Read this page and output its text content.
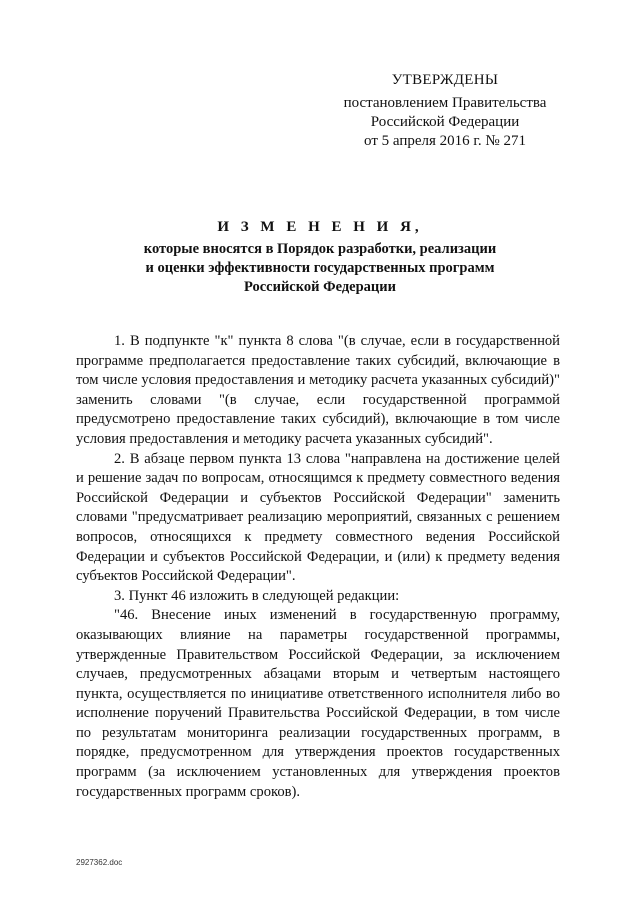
УТВЕРЖДЕНЫ
постановлением Правительства
Российской Федерации
от 5 апреля 2016 г. № 271
И З М Е Н Е Н И Я,
которые вносятся в Порядок разработки, реализации
и оценки эффективности государственных программ
Российской Федерации

1. В подпункте "к" пункта 8 слова "(в случае, если в государственной программе предполагается предоставление таких субсидий, включающие в том числе условия предоставления и методику расчета указанных субсидий)" заменить словами "(в случае, если государственной программой предусмотрено предоставление таких субсидий), включающие в том числе условия предоставления и методику расчета указанных субсидий".

2. В абзаце первом пункта 13 слова "направлена на достижение целей и решение задач по вопросам, относящимся к предмету совместного ведения Российской Федерации и субъектов Российской Федерации" заменить словами "предусматривает реализацию мероприятий, связанных с решением вопросов, относящихся к предмету совместного ведения Российской Федерации и субъектов Российской Федерации, и (или) к предмету ведения субъектов Российской Федерации".

3. Пункт 46 изложить в следующей редакции:

"46. Внесение иных изменений в государственную программу, оказывающих влияние на параметры государственной программы, утвержденные Правительством Российской Федерации, за исключением случаев, предусмотренных абзацами вторым и четвертым настоящего пункта, осуществляется по инициативе ответственного исполнителя либо во исполнение поручений Правительства Российской Федерации, в том числе по результатам мониторинга реализации государственных программ, в порядке, предусмотренном для утверждения проектов государственных программ (за исключением установленных для утверждения проектов государственных программ сроков).

2927362.doc
